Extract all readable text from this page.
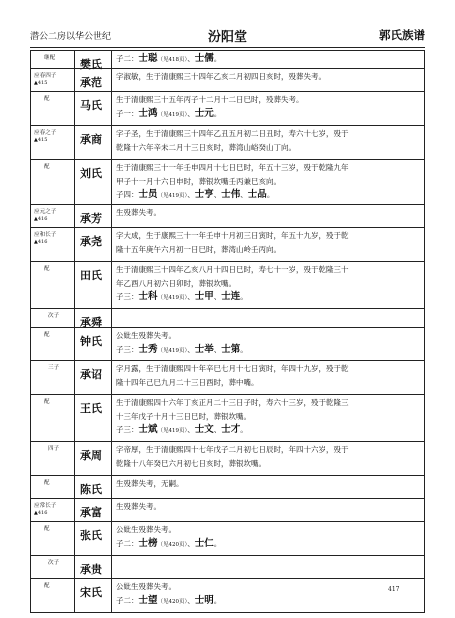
潜公二房以华公世纪	汾阳堂	郭氏族谱
继配	樊氏	子二：士聪（见418页）、士儒。
应春四子
▲415	承范	字淑敏，生于清康熙三十四年乙亥二月初四日亥时，殁葬失考。
配	马氏	生于清康熙三十五年丙子十二月十二日巳时，殁葬失考。
子一：士鸿（见419页）、士元。
应春之子
▲415	承商	字子圣，生于清康熙三十四年乙丑五月初二日丑时，寿六十七岁，殁于
乾隆十六年辛未二月十三日亥时，葬湾山峪癸山丁向。
配	刘氏	生于清康熙三十一年壬申四月十七日巳时，年五十三岁，殁于乾隆九年
甲子十一月十六日申时，葬银坎嘴壬丙兼巳亥向。
子四：士员（见419页）、士亨、士伟、士品。
应元之子
▲416	承芳	生殁葬失考。
应和长子
▲416	承尧	字大成，生于康熙三十一年壬申十月初三日寅时，年五十九岁，殁于乾
隆十五年庚午六月初一日巳时，葬湾山岭壬丙向。
配	田氏	生于清康熙三十四年乙亥八月十四日巳时，寿七十一岁，殁于乾隆三十
年乙酉八月初六日卯时，葬银坎嘴。
子三：士科（见419页）、士甲、士连。
次子	承舜
配	钟氏	公妣生殁葬失考。
子三：士秀（见419页）、士举、士第。
三子	承诏	字月露，生于清康熙四十年辛巳七月十七日寅时，年四十九岁，殁于乾
隆十四年己巳九月二十三日酉时，葬中嘴。
配	王氏	生于清康熙四十六年丁亥正月二十三日子时，寿六十三岁，殁于乾隆三
十三年戊子十月十三日巳时，葬银坎嘴。
子三：士斌（见419页）、士文、士才。
四子	承周	字帝厚，生于清康熙四十七年戊子二月初七日辰时，年四十六岁，殁于
乾隆十八年癸巳六月初七日亥时，葬银坎嘴。
配	陈氏	生殁葬失考，无嗣。
应常长子
▲416	承富	生殁葬失考。
配	张氏	公妣生殁葬失考。
子二：士榜（见420页）、士仁。
次子	承贵
配	宋氏	公妣生殁葬失考。
子二：士望（见420页）、士明。
417
